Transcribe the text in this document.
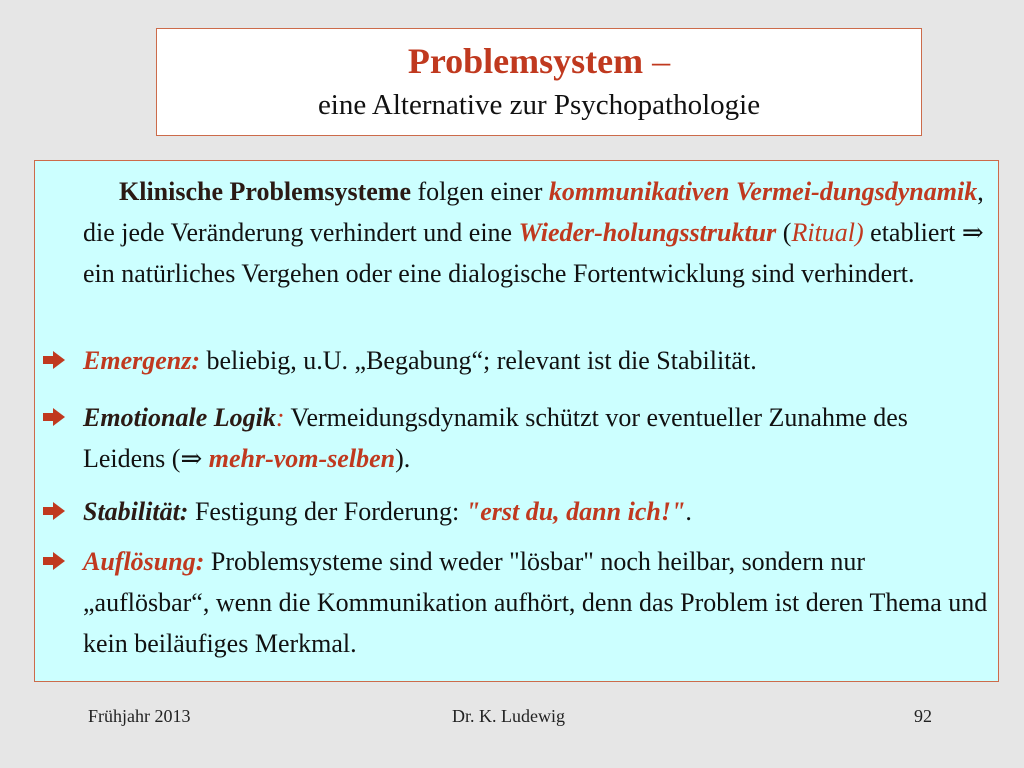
Problemsystem –
eine Alternative zur Psychopathologie
Klinische Problemsysteme folgen einer kommunikativen Vermei-dungsdynamik, die jede Veränderung verhindert und eine Wieder-holungsstruktur (Ritual) etabliert ⇒ ein natürliches Vergehen oder eine dialogische Fortentwicklung sind verhindert.
Emergenz: beliebig, u.U. „Begabung“; relevant ist die Stabilität.
Emotionale Logik: Vermeidungsdynamik schützt vor eventueller Zunahme des Leidens (⇒ mehr-vom-selben).
Stabilität: Festigung der Forderung: "erst du, dann ich!".
Auflösung: Problemsysteme sind weder "lösbar" noch heilbar, sondern nur „auflösbar“, wenn die Kommunikation aufhört, denn das Problem ist deren Thema und kein beiläufiges Merkmal.
Frühjahr 2013	Dr. K. Ludewig	92
